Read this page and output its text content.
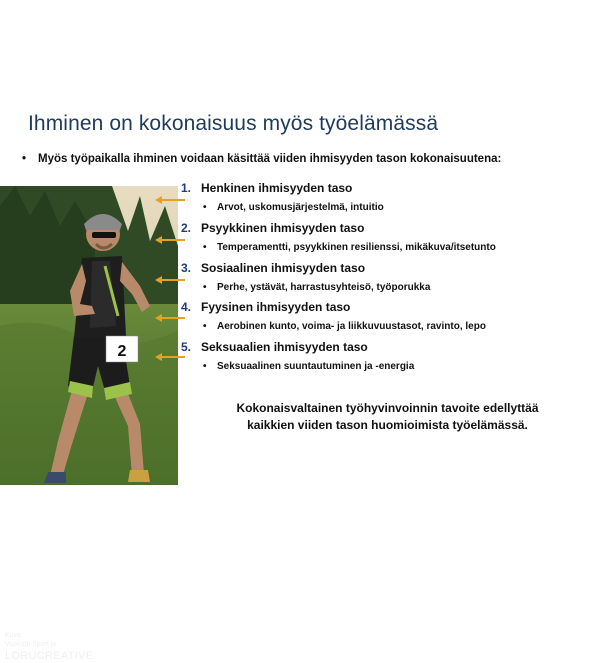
Ihminen on kokonaisuus myös työelämässä
• Myös työpaikalla ihminen voidaan käsittää viiden ihmisyyden tason kokonaisuutena:
2
Kuva
Vuokatti Sport ja
LORUCREATIVE
1. Henkinen ihmisyyden taso
• Arvot, uskomusjärjestelmä, intuitio
2. Psyykkinen ihmisyyden taso
• Temperamentti, psyykkinen resilienssi, mikäkuva/itsetunto
3. Sosiaalinen ihmisyyden taso
• Perhe, ystävät, harrastusyhteisö, työporukka
4. Fyysinen ihmisyyden taso
• Aerobinen kunto, voima- ja liikkuvuustasot, ravinto, lepo
5. Seksuaalien ihmisyyden taso
• Seksuaalinen suuntautuminen ja -energia
Kokonaisvaltainen työhyvinvoinnin tavoite edellyttää
kaikkien viiden tason huomioimista työelämässä.
